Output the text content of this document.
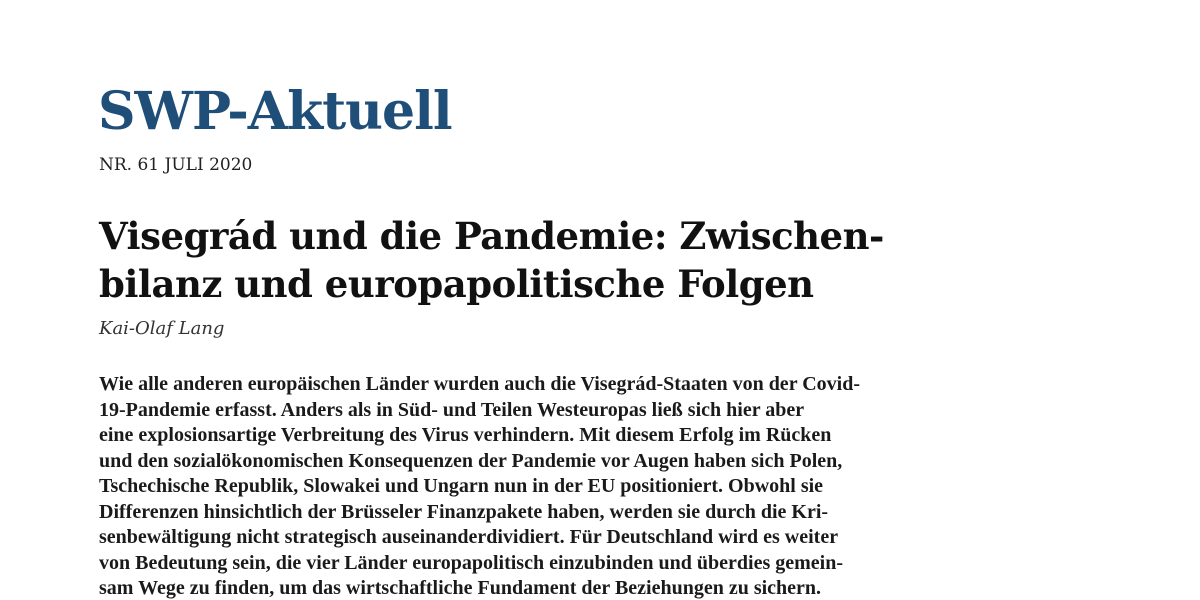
SWP-Aktuell

NR. 61 JULI 2020

Visegrád und die Pandemie: Zwischen-
bilanz und europapolitische Folgen

Kai-Olaf Lang

Wie alle anderen europäischen Länder wurden auch die Visegrád-Staaten von der Covid-
19-Pandemie erfasst. Anders als in Süd- und Teilen Westeuropas ließ sich hier aber
eine explosionsartige Verbreitung des Virus verhindern. Mit diesem Erfolg im Rücken
und den sozialökonomischen Konsequenzen der Pandemie vor Augen haben sich Polen,
Tschechische Republik, Slowakei und Ungarn nun in der EU positioniert. Obwohl sie
Differenzen hinsichtlich der Brüsseler Finanzpakete haben, werden sie durch die Kri-
senbewältigung nicht strategisch auseinanderdividiert. Für Deutschland wird es weiter
von Bedeutung sein, die vier Länder europapolitisch einzubinden und überdies gemein-
sam Wege zu finden, um das wirtschaftliche Fundament der Beziehungen zu sichern.
